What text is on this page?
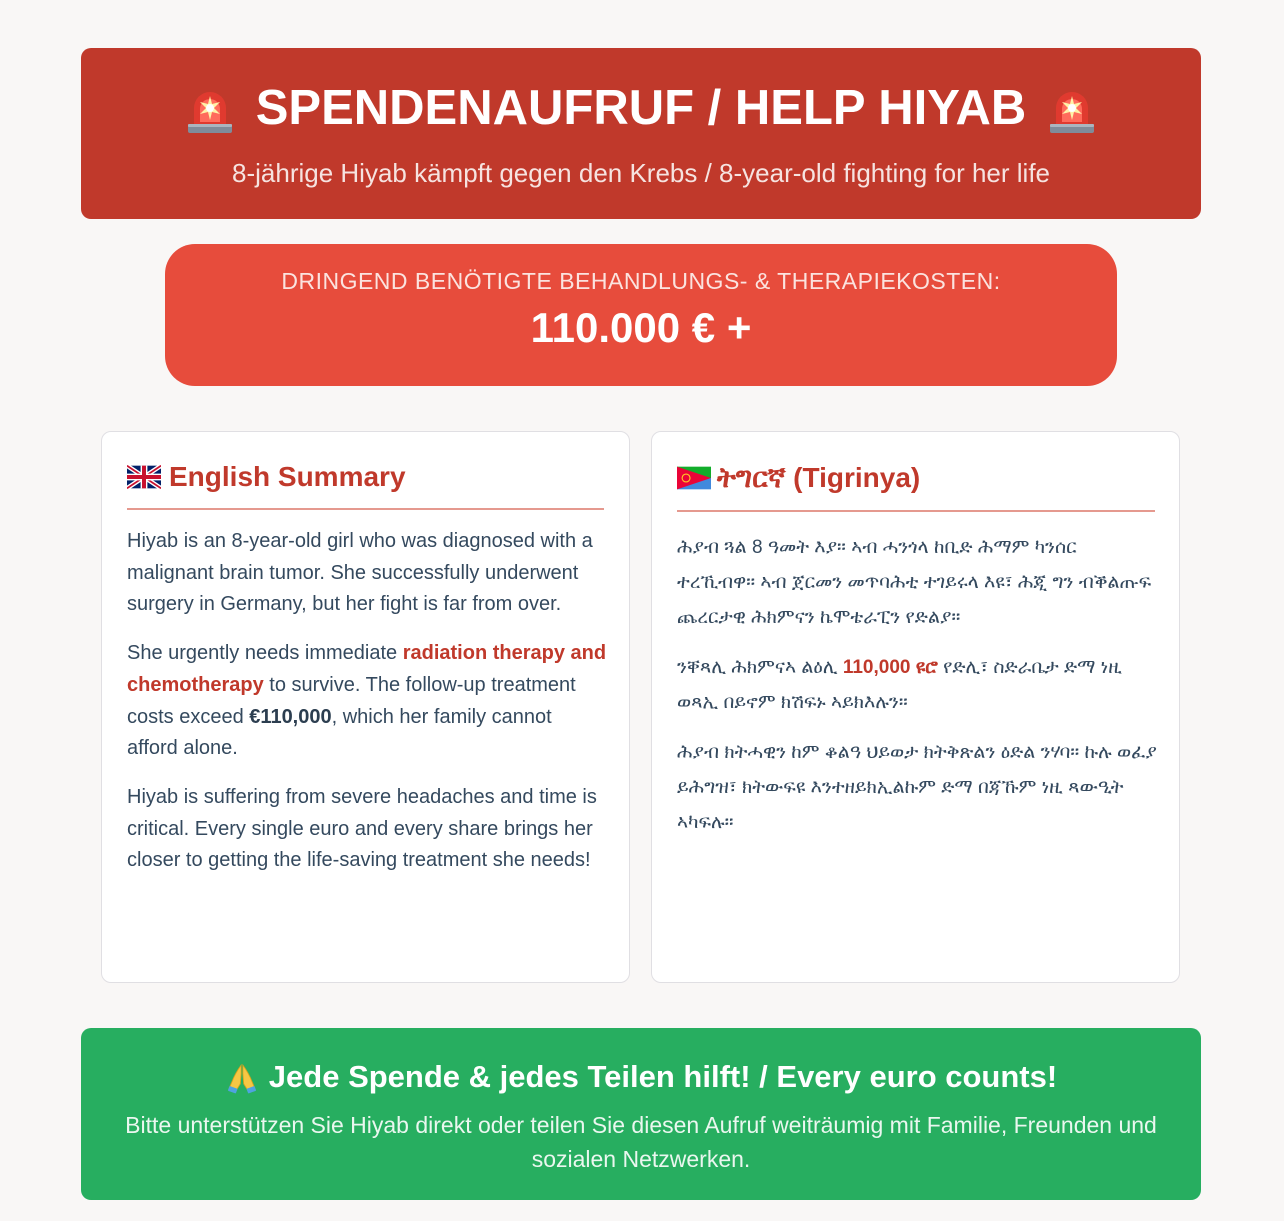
SPENDENAUFRUF / HELP HIYAB
8-jährige Hiyab kämpft gegen den Krebs / 8-year-old fighting for her life
DRINGEND BENÖTIGTE BEHANDLUNGS- & THERAPIEKOSTEN:
110.000 € +
English Summary

Hiyab is an 8-year-old girl who was diagnosed with a malignant brain tumor. She successfully underwent surgery in Germany, but her fight is far from over.

She urgently needs immediate radiation therapy and chemotherapy to survive. The follow-up treatment costs exceed €110,000, which her family cannot afford alone.

Hiyab is suffering from severe headaches and time is critical. Every single euro and every share brings her closer to getting the life-saving treatment she needs!

ትግርኛ (Tigrinya)

ሕያብ ጓል 8 ዓመት እያ። ኣብ ሓንጎላ ከቢድ ሕማም ካንሰር ተረኺብዋ። ኣብ ጀርመን መጥባሕቲ ተገይሩላ እዩ፣ ሕጂ ግን ብቕልጡፍ ጨረርታዊ ሕክምናን ኬሞቴራፒን የድልያ።

ንቐጻሊ ሕክምናኣ ልዕሊ 110,000 ዩሮ የድሊ፣ ስድራቤታ ድማ ነዚ ወጻኢ በይኖም ክሽፍኑ ኣይክእሉን።

ሕያብ ክትሓዊን ከም ቆልዓ ህይወታ ክትቅጽልን ዕድል ንሃባ። ኩሉ ወፈያ ይሕግዝ፣ ክትውፍዩ እንተዘይክኢልኩም ድማ በጃኹም ነዚ ጻውዒት ኣካፍሉ።

Jede Spende & jedes Teilen hilft! / Every euro counts!
Bitte unterstützen Sie Hiyab direkt oder teilen Sie diesen Aufruf weiträumig mit Familie, Freunden und sozialen Netzwerken.
